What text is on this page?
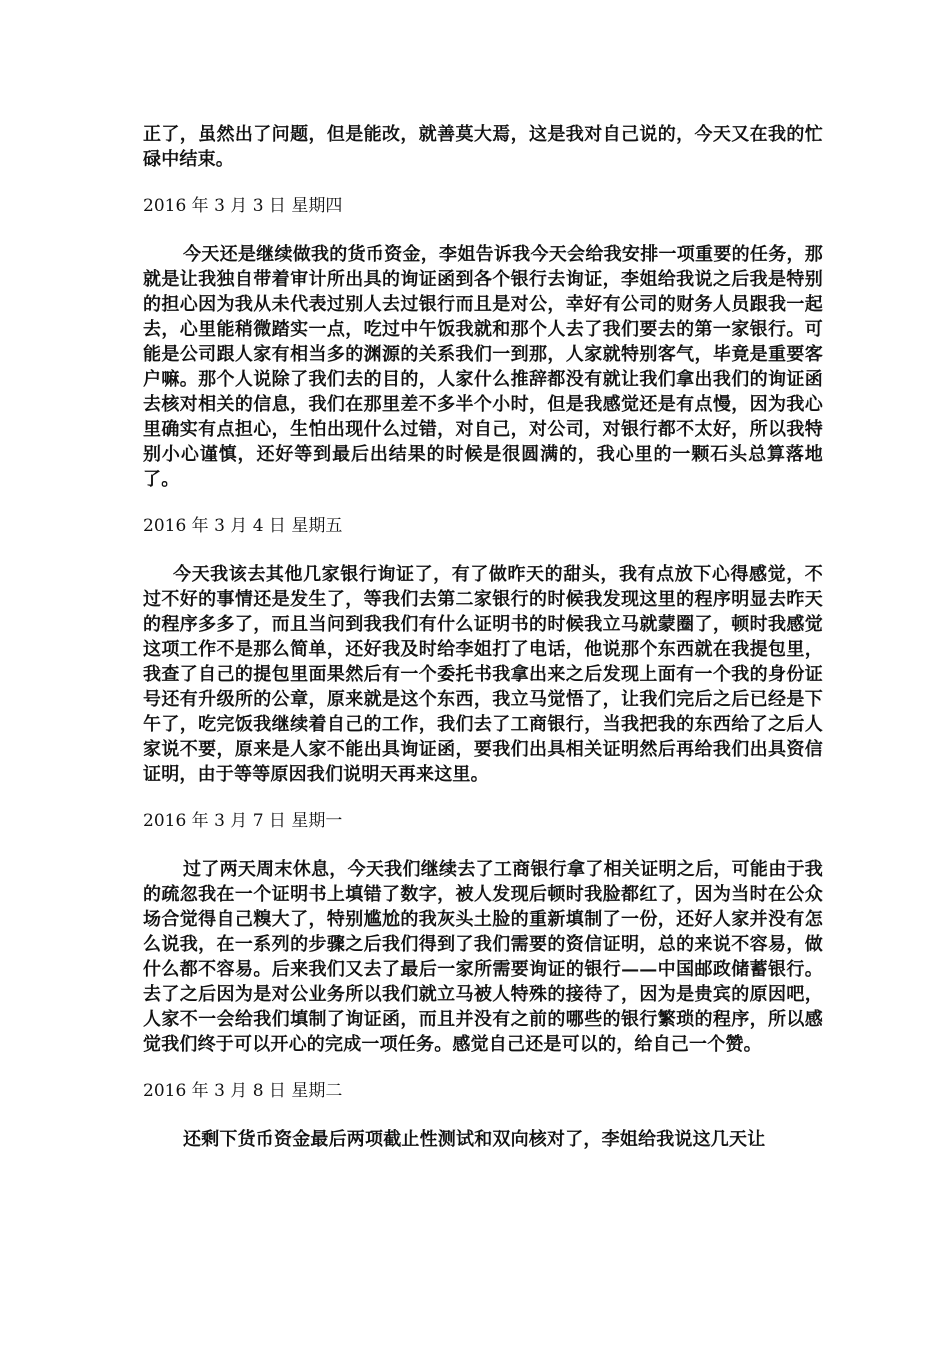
正了，虽然出了问题，但是能改，就善莫大焉，这是我对自己说的，今天又在我的忙碌中结束。

2016 年 3 月 3 日 星期四

今天还是继续做我的货币资金，李姐告诉我今天会给我安排一项重要的任务，那就是让我独自带着审计所出具的询证函到各个银行去询证，李姐给我说之后我是特别的担心因为我从未代表过别人去过银行而且是对公，幸好有公司的财务人员跟我一起去，心里能稍微踏实一点，吃过中午饭我就和那个人去了我们要去的第一家银行。可能是公司跟人家有相当多的渊源的关系我们一到那，人家就特别客气，毕竟是重要客户嘛。那个人说除了我们去的目的，人家什么推辞都没有就让我们拿出我们的询证函去核对相关的信息，我们在那里差不多半个小时，但是我感觉还是有点慢，因为我心里确实有点担心，生怕出现什么过错，对自己，对公司，对银行都不太好，所以我特别小心谨慎，还好等到最后出结果的时候是很圆满的，我心里的一颗石头总算落地了。

2016 年 3 月 4 日 星期五

今天我该去其他几家银行询证了，有了做昨天的甜头，我有点放下心得感觉，不过不好的事情还是发生了，等我们去第二家银行的时候我发现这里的程序明显去昨天的程序多多了，而且当问到我我们有什么证明书的时候我立马就蒙圈了，顿时我感觉这项工作不是那么简单，还好我及时给李姐打了电话，他说那个东西就在我提包里，我查了自己的提包里面果然后有一个委托书我拿出来之后发现上面有一个我的身份证号还有升级所的公章，原来就是这个东西，我立马觉悟了，让我们完后之后已经是下午了，吃完饭我继续着自己的工作，我们去了工商银行，当我把我的东西给了之后人家说不要，原来是人家不能出具询证函，要我们出具相关证明然后再给我们出具资信证明，由于等等原因我们说明天再来这里。

2016 年 3 月 7 日 星期一

过了两天周末休息，今天我们继续去了工商银行拿了相关证明之后，可能由于我的疏忽我在一个证明书上填错了数字，被人发现后顿时我脸都红了，因为当时在公众场合觉得自己糗大了，特别尴尬的我灰头土脸的重新填制了一份，还好人家并没有怎么说我，在一系列的步骤之后我们得到了我们需要的资信证明，总的来说不容易，做什么都不容易。后来我们又去了最后一家所需要询证的银行——中国邮政储蓄银行。去了之后因为是对公业务所以我们就立马被人特殊的接待了，因为是贵宾的原因吧，人家不一会给我们填制了询证函，而且并没有之前的哪些的银行繁琐的程序，所以感觉我们终于可以开心的完成一项任务。感觉自己还是可以的，给自己一个赞。

2016 年 3 月 8 日 星期二

还剩下货币资金最后两项截止性测试和双向核对了，李姐给我说这几天让
